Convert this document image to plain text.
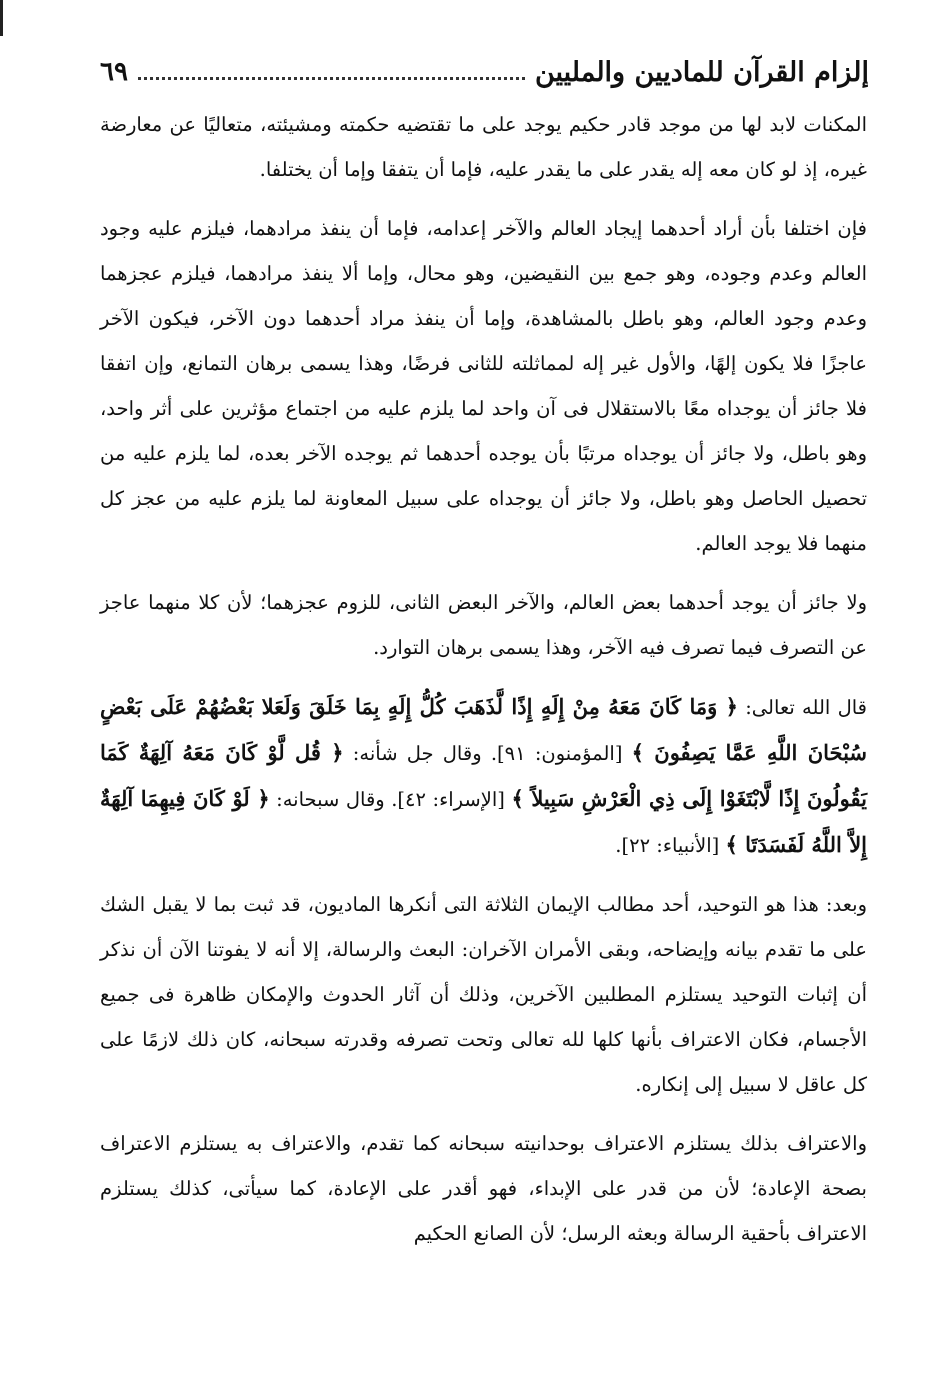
إلزام القرآن للماديين والمليين
٦٩

المكنات لابد لها من موجد قادر حكيم يوجد على ما تقتضيه حكمته ومشيئته، متعاليًا عن معارضة غيره، إذ لو كان معه إله يقدر على ما يقدر عليه، فإما أن يتفقا وإما أن يختلفا.

فإن اختلفا بأن أراد أحدهما إيجاد العالم والآخر إعدامه، فإما أن ينفذ مرادهما، فيلزم عليه وجود العالم وعدم وجوده، وهو جمع بين النقيضين، وهو محال، وإما ألا ينفذ مرادهما، فيلزم عجزهما وعدم وجود العالم، وهو باطل بالمشاهدة، وإما أن ينفذ مراد أحدهما دون الآخر، فيكون الآخر عاجزًا فلا يكون إلهًا، والأول غير إله لمماثلته للثانى فرضًا، وهذا يسمى برهان التمانع، وإن اتفقا فلا جائز أن يوجداه معًا بالاستقلال فى آن واحد لما يلزم عليه من اجتماع مؤثرين على أثر واحد، وهو باطل، ولا جائز أن يوجداه مرتبًا بأن يوجده أحدهما ثم يوجده الآخر بعده، لما يلزم عليه من تحصيل الحاصل وهو باطل، ولا جائز أن يوجداه على سبيل المعاونة لما يلزم عليه من عجز كل منهما فلا يوجد العالم.

ولا جائز أن يوجد أحدهما بعض العالم، والآخر البعض الثانى، للزوم عجزهما؛ لأن كلا منهما عاجز عن التصرف فيما تصرف فيه الآخر، وهذا يسمى برهان التوارد.

قال الله تعالى: ﴿ وَمَا كَانَ مَعَهُ مِنْ إِلَهٍ إِذًا لَّذَهَبَ كُلُّ إِلَهٍ بِمَا خَلَقَ وَلَعَلا بَعْضُهُمْ عَلَى بَعْضٍ سُبْحَانَ اللَّهِ عَمَّا يَصِفُونَ ﴾ [المؤمنون: ٩١]. وقال جل شأنه: ﴿ قُل لَّوْ كَانَ مَعَهُ آلِهَةٌ كَمَا يَقُولُونَ إِذًا لَّابْتَغَوْا إِلَى ذِي الْعَرْشِ سَبِيلاً ﴾ [الإسراء: ٤٢]. وقال سبحانه: ﴿ لَوْ كَانَ فِيهِمَا آلِهَةٌ إِلاَّ اللَّهُ لَفَسَدَتَا ﴾ [الأنبياء: ٢٢].

وبعد: هذا هو التوحيد، أحد مطالب الإيمان الثلاثة التى أنكرها الماديون، قد ثبت بما لا يقبل الشك على ما تقدم بيانه وإيضاحه، وبقى الأمران الآخران: البعث والرسالة، إلا أنه لا يفوتنا الآن أن نذكر أن إثبات التوحيد يستلزم المطلبين الآخرين، وذلك أن آثار الحدوث والإمكان ظاهرة فى جميع الأجسام، فكان الاعتراف بأنها كلها لله تعالى وتحت تصرفه وقدرته سبحانه، كان ذلك لازمًا على كل عاقل لا سبيل إلى إنكاره.

والاعتراف بذلك يستلزم الاعتراف بوحدانيته سبحانه كما تقدم، والاعتراف به يستلزم الاعتراف بصحة الإعادة؛ لأن من قدر على الإبداء، فهو أقدر على الإعادة، كما سيأتى، كذلك يستلزم الاعتراف بأحقية الرسالة وبعثه الرسل؛ لأن الصانع الحكيم
